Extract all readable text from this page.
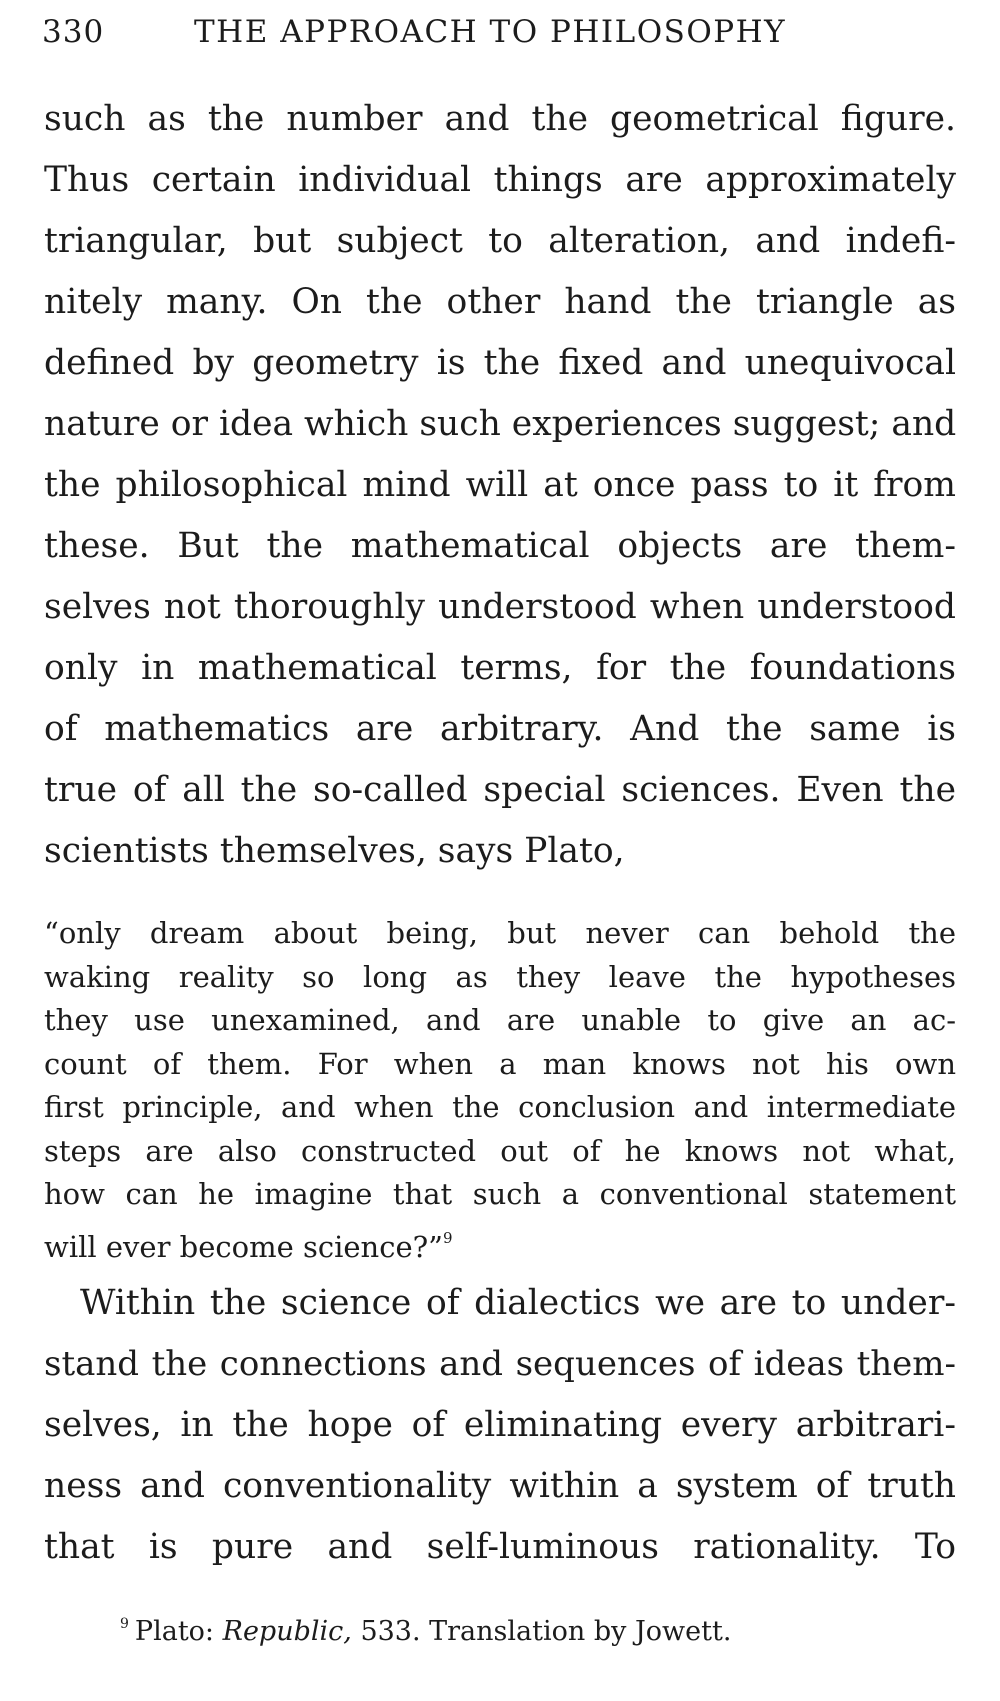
330	THE APPROACH TO PHILOSOPHY
such as the number and the geometrical figure.
Thus certain individual things are approximately
triangular, but subject to alteration, and indefi-
nitely many. On the other hand the triangle as
defined by geometry is the fixed and unequivocal
nature or idea which such experiences suggest; and
the philosophical mind will at once pass to it from
these. But the mathematical objects are them-
selves not thoroughly understood when understood
only in mathematical terms, for the foundations
of mathematics are arbitrary. And the same is
true of all the so-called special sciences. Even the
scientists themselves, says Plato,
“only dream about being, but never can behold the
waking reality so long as they leave the hypotheses
they use unexamined, and are unable to give an ac-
count of them. For when a man knows not his own
first principle, and when the conclusion and intermediate
steps are also constructed out of he knows not what,
how can he imagine that such a conventional statement
will ever become science?”$^9$
Within the science of dialectics we are to under-
stand the connections and sequences of ideas them-
selves, in the hope of eliminating every arbitrari-
ness and conventionality within a system of truth
that is pure and self-luminous rationality. To
$^9$ Plato: Republic, 533. Translation by Jowett.
